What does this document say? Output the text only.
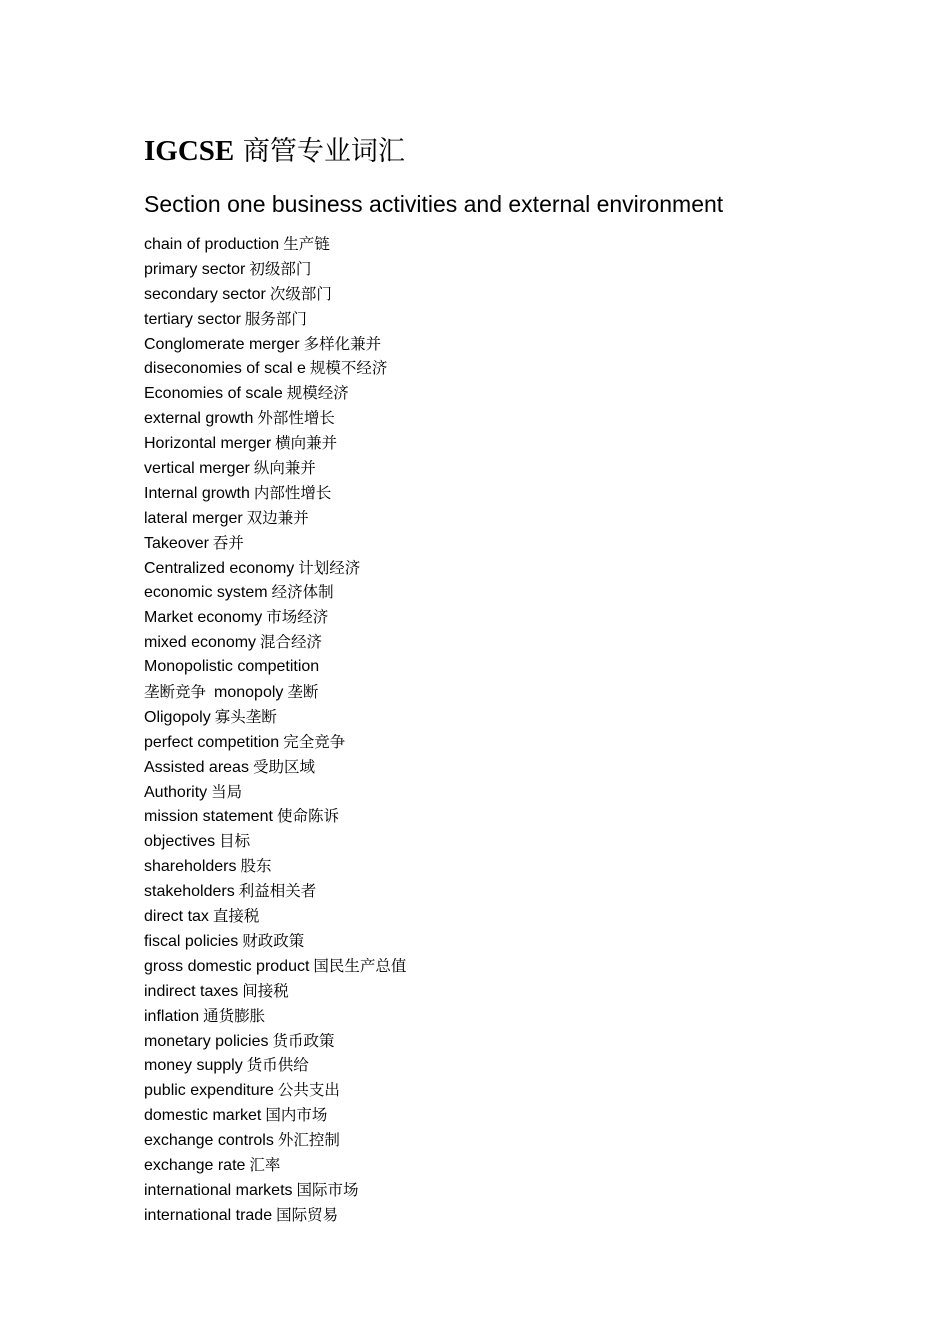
IGCSE 商管专业词汇
Section one business activities and external environment
chain of production 生产链
primary sector 初级部门
secondary sector 次级部门
tertiary sector 服务部门
Conglomerate merger 多样化兼并
diseconomies of scal e 规模不经济
Economies of scale 规模经济
external growth 外部性增长
Horizontal merger 横向兼并
vertical merger 纵向兼并
Internal growth 内部性增长
lateral merger 双边兼并
Takeover 吞并
Centralized economy 计划经济
economic system 经济体制
Market economy 市场经济
mixed economy 混合经济
Monopolistic competition
垄断竞争 monopoly 垄断
Oligopoly 寡头垄断
perfect competition 完全竞争
Assisted areas 受助区域
Authority 当局
mission statement 使命陈诉
objectives 目标
shareholders 股东
stakeholders 利益相关者
direct tax 直接税
fiscal policies 财政政策
gross domestic product 国民生产总值
indirect taxes 间接税
inflation 通货膨胀
monetary policies 货币政策
money supply 货币供给
public expenditure 公共支出
domestic market 国内市场
exchange controls 外汇控制
exchange rate 汇率
international markets 国际市场
international trade 国际贸易
